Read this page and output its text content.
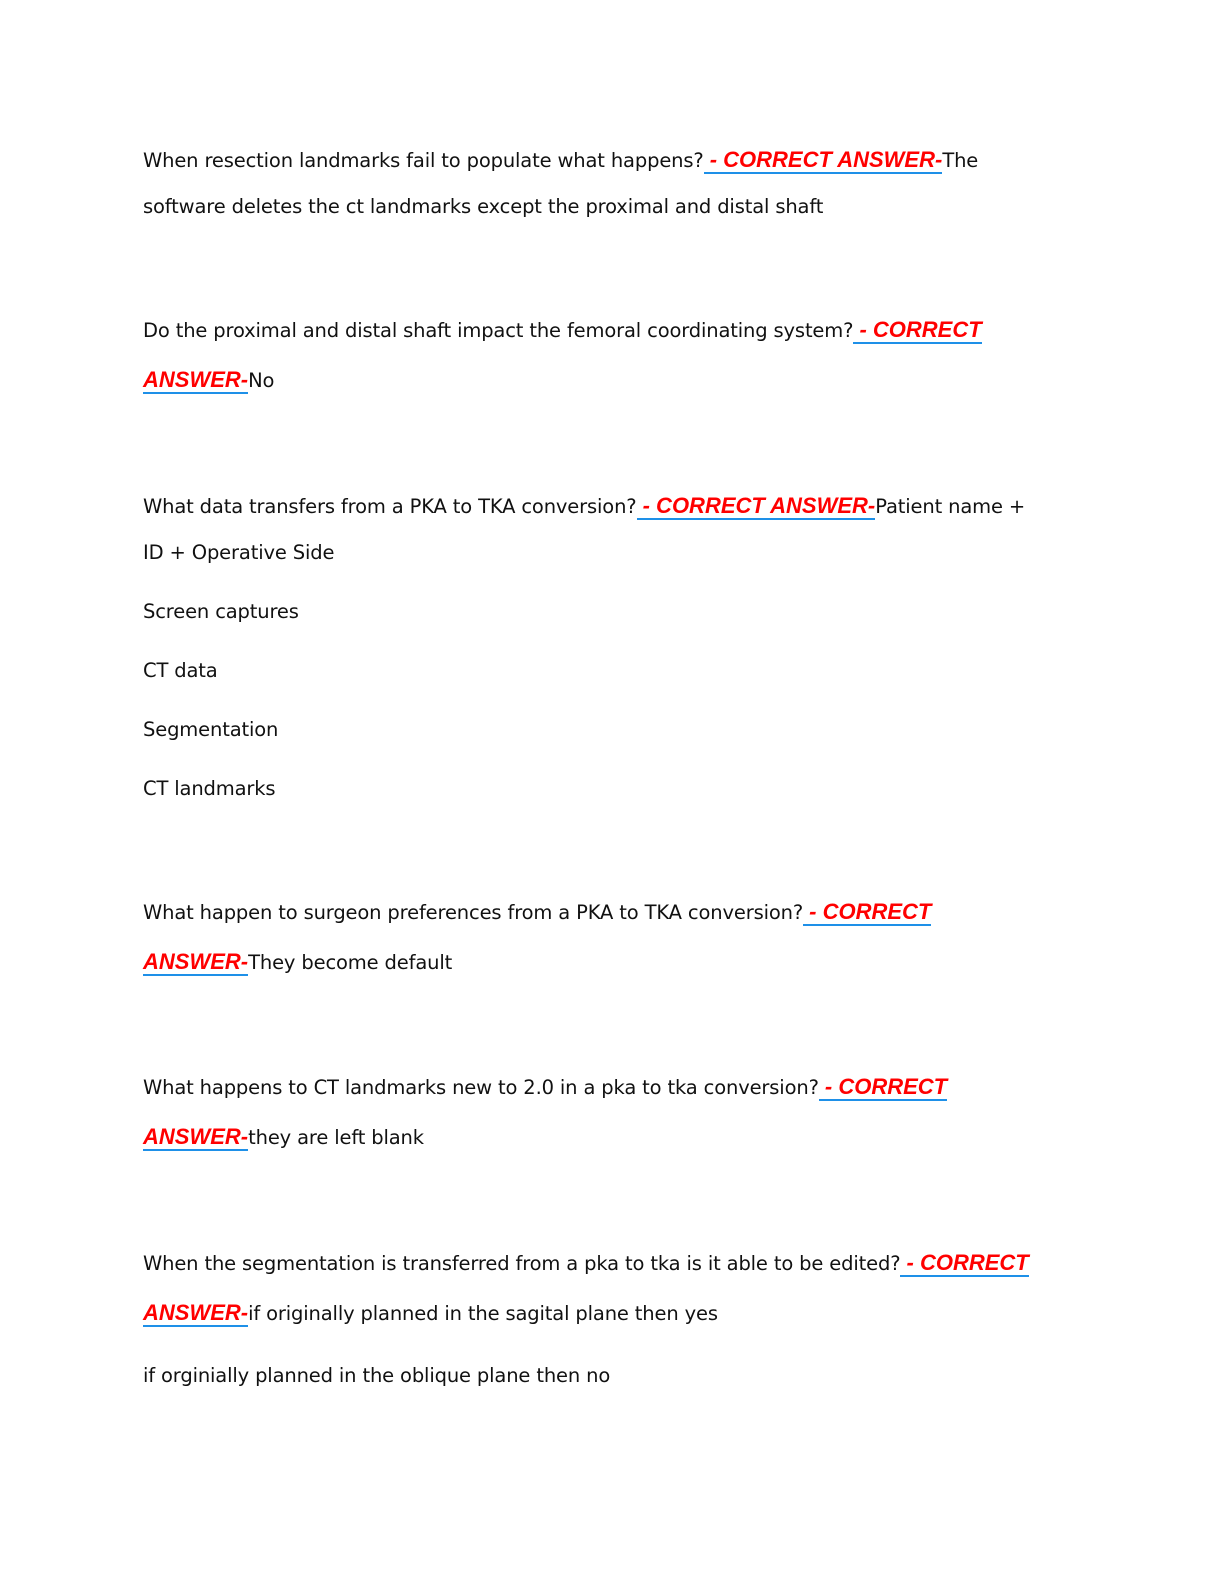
When resection landmarks fail to populate what happens? - CORRECT ANSWER-The
software deletes the ct landmarks except the proximal and distal shaft
Do the proximal and distal shaft impact the femoral coordinating system? - CORRECT
ANSWER-No
What data transfers from a PKA to TKA conversion? - CORRECT ANSWER-Patient name +
ID + Operative Side
Screen captures
CT data
Segmentation
CT landmarks
What happen to surgeon preferences from a PKA to TKA conversion? - CORRECT
ANSWER-They become default
What happens to CT landmarks new to 2.0 in a pka to tka conversion? - CORRECT
ANSWER-they are left blank
When the segmentation is transferred from a pka to tka is it able to be edited? - CORRECT
ANSWER-if originally planned in the sagital plane then yes
if orginially planned in the oblique plane then no
